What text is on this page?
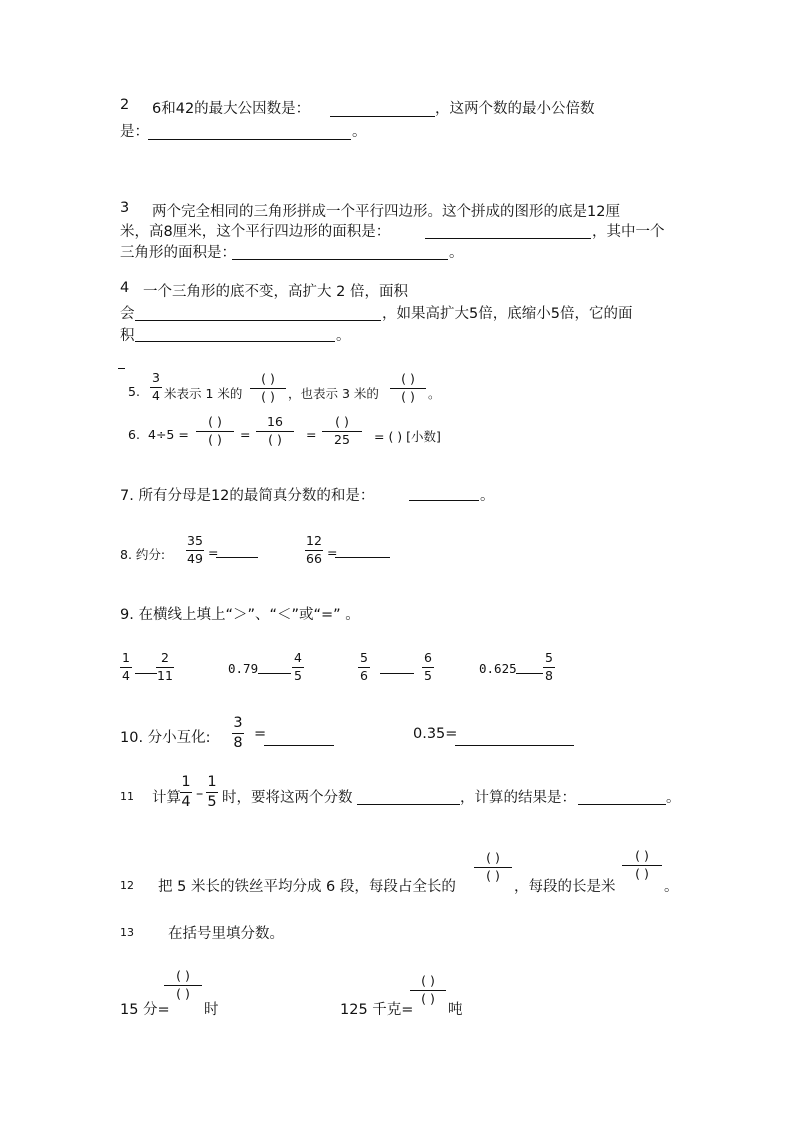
2 6和42的最大公因数是：	，这两个数的最小公倍数
是：	。
3 两个完全相同的三角形拼成一个平行四边形。这个拼成的图形的底是12厘
米，高8厘米，这个平行四边形的面积是：	，其中一个
三角形的面积是：	。
4 一个三角形的底不变，高扩大 2 倍，面积
会	，如果高扩大5倍，底缩小5倍，它的面
积	。
5.
3
4 米表示 1 米的
( )
( )	，也表示 3 米的
( )
( )	。
6. 4÷5 =
( )
( )	=
16
( )	=
( )
25	= ( ) [小数]
7. 所有分母是12的最简真分数的和是：	。
8. 约分:
35
49 =
12
66 =
9. 在横线上填上“＞”、“＜”或“=” 。
1
4
2
11	0.79
4
5
5
6
6
5	0.625
5
8
10. 分小互化:
3
8
=	0.35=
11 计算
1
4 –
1
5 时，要将这两个分数	，计算的结果是：	。
12 把 5 米长的铁丝平均分成 6 段，每段占全长的
( )
( )
，每段的长是米
( )
( )
。
13 在括号里填分数。
15 分=
( )
( )
时	125 千克=
( )
( )
吨
